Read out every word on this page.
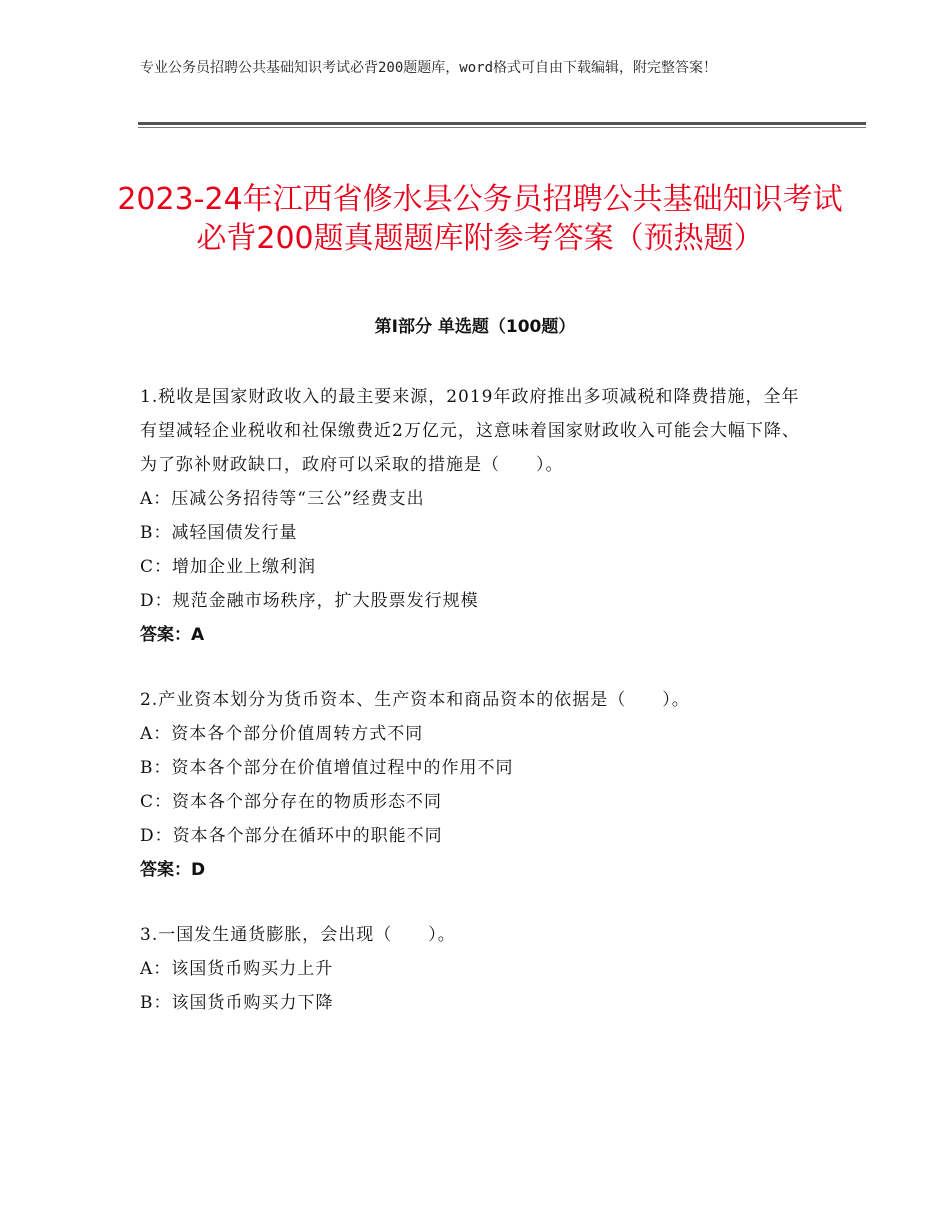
专业公务员招聘公共基础知识考试必背200题题库，word格式可自由下载编辑，附完整答案！
2023-24年江西省修水县公务员招聘公共基础知识考试必背200题真题题库附参考答案（预热题）
第Ⅰ部分 单选题（100题）

1.税收是国家财政收入的最主要来源，2019年政府推出多项减税和降费措施，全年有望减轻企业税收和社保缴费近2万亿元，这意味着国家财政收入可能会大幅下降、为了弥补财政缺口，政府可以采取的措施是（　　）。

A：压减公务招待等“三公”经费支出

B：减轻国债发行量

C：增加企业上缴利润

D：规范金融市场秩序，扩大股票发行规模

答案：A

2.产业资本划分为货币资本、生产资本和商品资本的依据是（　　）。

A：资本各个部分价值周转方式不同

B：资本各个部分在价值增值过程中的作用不同

C：资本各个部分存在的物质形态不同

D：资本各个部分在循环中的职能不同

答案：D

3.一国发生通货膨胀，会出现（　　）。

A：该国货币购买力上升

B：该国货币购买力下降
